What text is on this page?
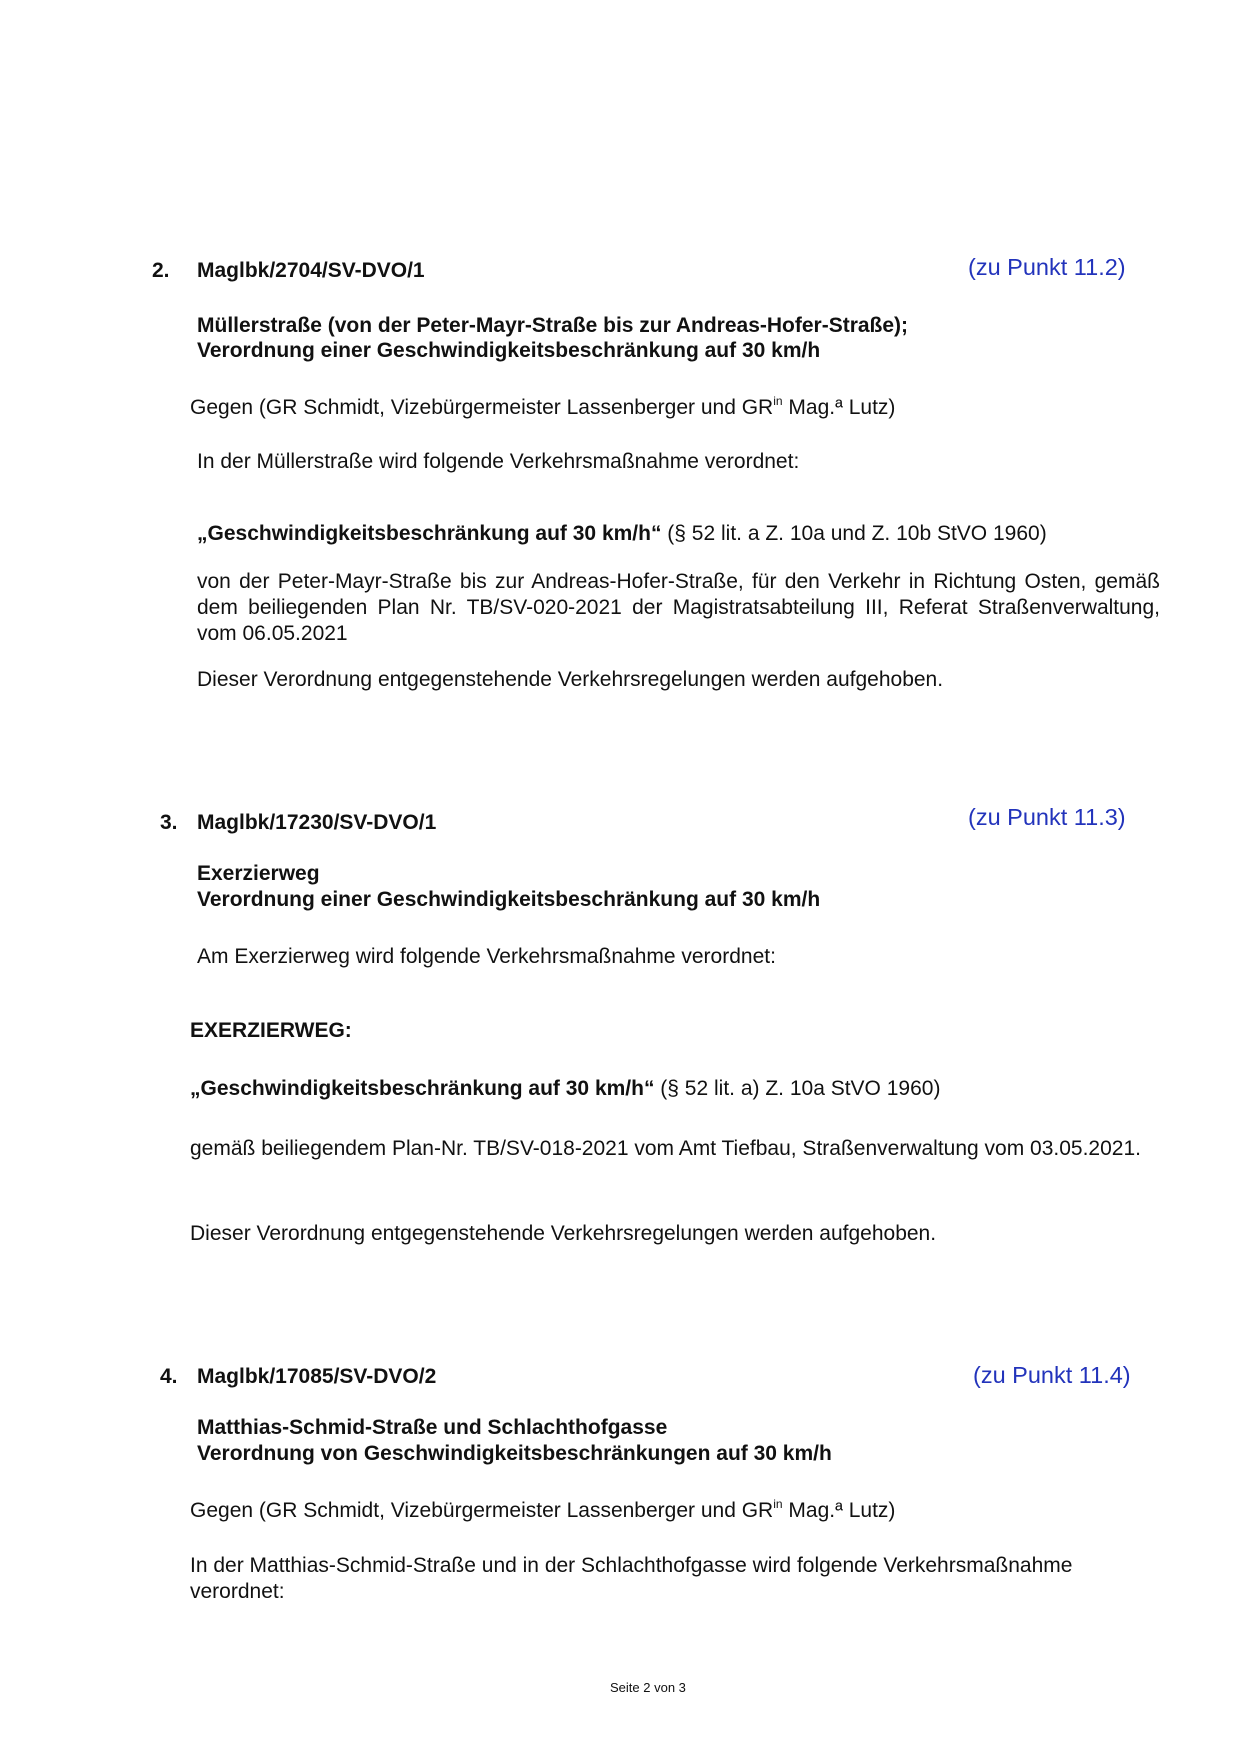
2. Maglbk/2704/SV-DVO/1	(zu Punkt 11.2)
Müllerstraße (von der Peter-Mayr-Straße bis zur Andreas-Hofer-Straße);
Verordnung einer Geschwindigkeitsbeschränkung auf 30 km/h
Gegen (GR Schmidt, Vizebürgermeister Lassenberger und $GR^{in}$ Mag.ª Lutz)
In der Müllerstraße wird folgende Verkehrsmaßnahme verordnet:
„Geschwindigkeitsbeschränkung auf 30 km/h“ (§ 52 lit. a Z. 10a und Z. 10b StVO 1960)
von der Peter-Mayr-Straße bis zur Andreas-Hofer-Straße, für den Verkehr in Richtung Osten, gemäß dem beiliegenden Plan Nr. TB/SV-020-2021 der Magistratsabteilung III, Referat Straßenverwaltung, vom 06.05.2021
Dieser Verordnung entgegenstehende Verkehrsregelungen werden aufgehoben.
3. Maglbk/17230/SV-DVO/1	(zu Punkt 11.3)
Exerzierweg
Verordnung einer Geschwindigkeitsbeschränkung auf 30 km/h
Am Exerzierweg wird folgende Verkehrsmaßnahme verordnet:
EXERZIERWEG:
„Geschwindigkeitsbeschränkung auf 30 km/h“ (§ 52 lit. a) Z. 10a StVO 1960)
gemäß beiliegendem Plan-Nr. TB/SV-018-2021 vom Amt Tiefbau, Straßenverwaltung vom 03.05.2021.
Dieser Verordnung entgegenstehende Verkehrsregelungen werden aufgehoben.
4. Maglbk/17085/SV-DVO/2	(zu Punkt 11.4)
Matthias-Schmid-Straße und Schlachthofgasse
Verordnung von Geschwindigkeitsbeschränkungen auf 30 km/h
Gegen (GR Schmidt, Vizebürgermeister Lassenberger und $GR^{in}$ Mag.ª Lutz)
In der Matthias-Schmid-Straße und in der Schlachthofgasse wird folgende Verkehrsmaßnahme verordnet:
Seite 2 von 3
